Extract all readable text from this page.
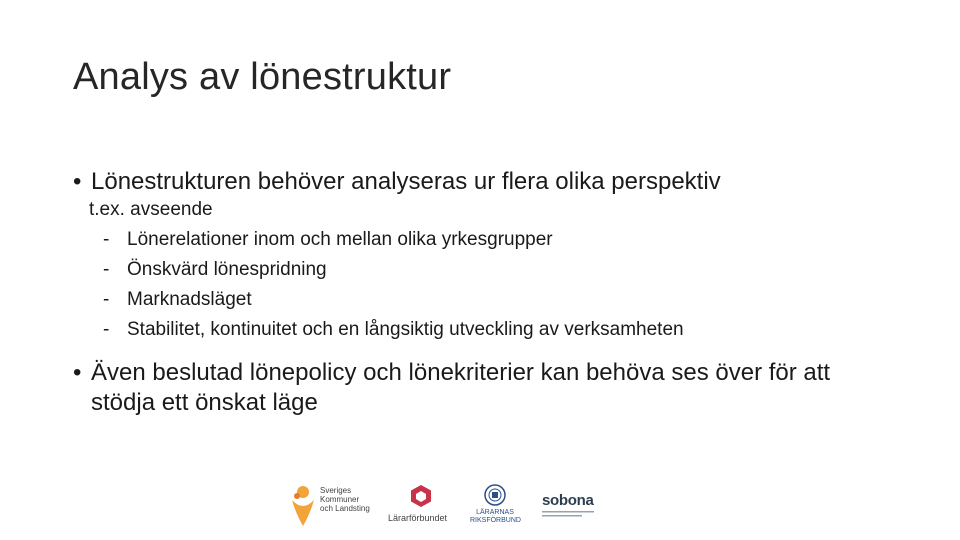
Analys av lönestruktur
• Lönestrukturen behöver analyseras ur flera olika perspektiv
t.ex. avseende
- Lönerelationer inom och mellan olika yrkesgrupper
- Önskvärd lönespridning
- Marknadsläget
- Stabilitet, kontinuitet och en långsiktig utveckling av verksamheten
• Även beslutad lönepolicy och lönekriterier kan behöva ses över för att
stödja ett önskat läge
Sveriges
Kommuner
och Landsting
Lärarförbundet
LÄRARNAS
RIKSFÖRBUND
sobona
